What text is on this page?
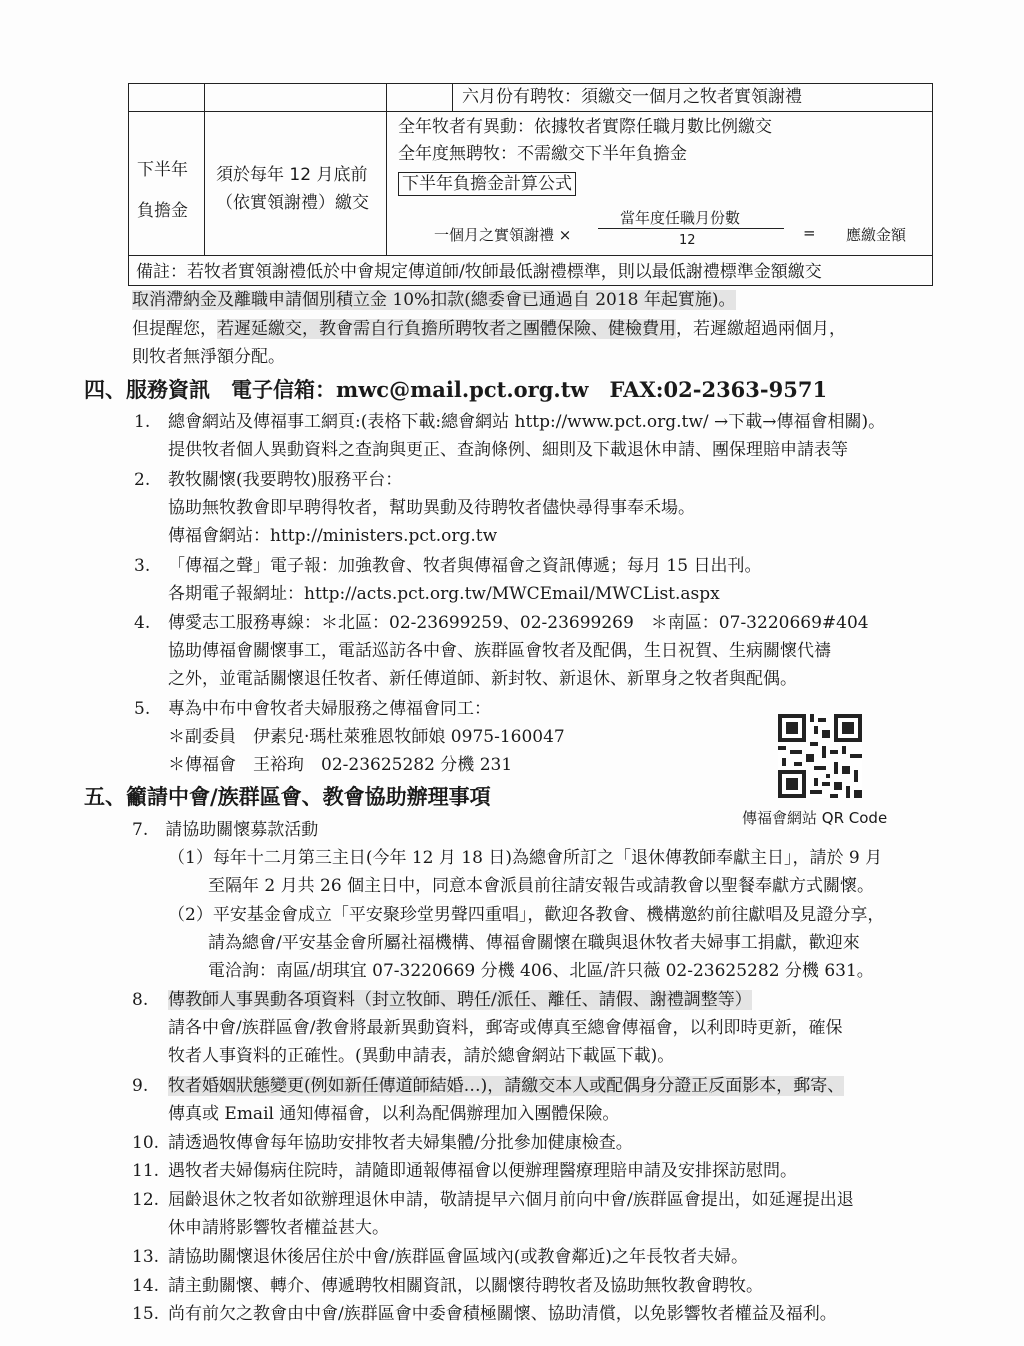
六月份有聘牧：須繳交一個月之牧者實領謝禮
下半年
負擔金
須於每年 12 月底前
（依實領謝禮）繳交
全年牧者有異動：依據牧者實際任職月數比例繳交
全年度無聘牧：不需繳交下半年負擔金
下半年負擔金計算公式
一個月之實領謝禮 ×
當年度任職月份數
12	= 應繳金額
備註：若牧者實領謝禮低於中會規定傳道師/牧師最低謝禮標準，則以最低謝禮標準金額繳交
取消滯納金及離職申請個別積立金 10%扣款(總委會已通過自 2018 年起實施)。
但提醒您，若遲延繳交，教會需自行負擔所聘牧者之團體保險、健檢費用，若遲繳超過兩個月，
則牧者無淨額分配。
四、服務資訊　電子信箱：mwc@mail.pct.org.tw　FAX:02-2363-9571
1. 總會網站及傳福事工網頁:(表格下載:總會網站 http://www.pct.org.tw/ →下載→傳福會相關)。
提供牧者個人異動資料之查詢與更正、查詢條例、細則及下載退休申請、團保理賠申請表等
2. 教牧關懷(我要聘牧)服務平台：
協助無牧教會即早聘得牧者，幫助異動及待聘牧者儘快尋得事奉禾場。
傳福會網站：http://ministers.pct.org.tw
3. 「傳福之聲」電子報：加強教會、牧者與傳福會之資訊傳遞；每月 15 日出刊。
各期電子報網址：http://acts.pct.org.tw/MWCEmail/MWCList.aspx
4. 傳愛志工服務專線：＊北區：02-23699259、02-23699269　＊南區：07-3220669#404
協助傳福會關懷事工，電話巡訪各中會、族群區會牧者及配偶，生日祝賀、生病關懷代禱
之外，並電話關懷退任牧者、新任傳道師、新封牧、新退休、新單身之牧者與配偶。
5. 專為中布中會牧者夫婦服務之傳福會同工：
＊副委員　伊素兒·瑪杜萊雅恩牧師娘 0975-160047
＊傳福會　王裕珣　02-23625282 分機 231
傳福會網站 QR Code
五、籲請中會/族群區會、教會協助辦理事項
7.　請協助關懷募款活動
（1）每年十二月第三主日(今年 12 月 18 日)為總會所訂之「退休傳教師奉獻主日」，請於 9 月
至隔年 2 月共 26 個主日中，同意本會派員前往請安報告或請教會以聖餐奉獻方式關懷。
（2）平安基金會成立「平安聚珍堂男聲四重唱」，歡迎各教會、機構邀約前往獻唱及見證分享，
請為總會/平安基金會所屬社福機構、傳福會關懷在職與退休牧者夫婦事工捐獻，歡迎來
電洽詢：南區/胡琪宜 07-3220669 分機 406、北區/許只薇 02-23625282 分機 631。
8. 傳教師人事異動各項資料（封立牧師、聘任/派任、離任、請假、謝禮調整等）
請各中會/族群區會/教會將最新異動資料，郵寄或傳真至總會傳福會，以利即時更新，確保
牧者人事資料的正確性。(異動申請表，請於總會網站下載區下載)。
9. 牧者婚姻狀態變更(例如新任傳道師結婚…)，請繳交本人或配偶身分證正反面影本，郵寄、
傳真或 Email 通知傳福會，以利為配偶辦理加入團體保險。
10. 請透過牧傳會每年協助安排牧者夫婦集體/分批參加健康檢查。
11. 遇牧者夫婦傷病住院時，請隨即通報傳福會以便辦理醫療理賠申請及安排探訪慰問。
12. 屆齡退休之牧者如欲辦理退休申請，敬請提早六個月前向中會/族群區會提出，如延遲提出退
休申請將影響牧者權益甚大。
13. 請協助關懷退休後居住於中會/族群區會區域內(或教會鄰近)之年長牧者夫婦。
14. 請主動關懷、轉介、傳遞聘牧相關資訊，以關懷待聘牧者及協助無牧教會聘牧。
15. 尚有前欠之教會由中會/族群區會中委會積極關懷、協助清償，以免影響牧者權益及福利。
